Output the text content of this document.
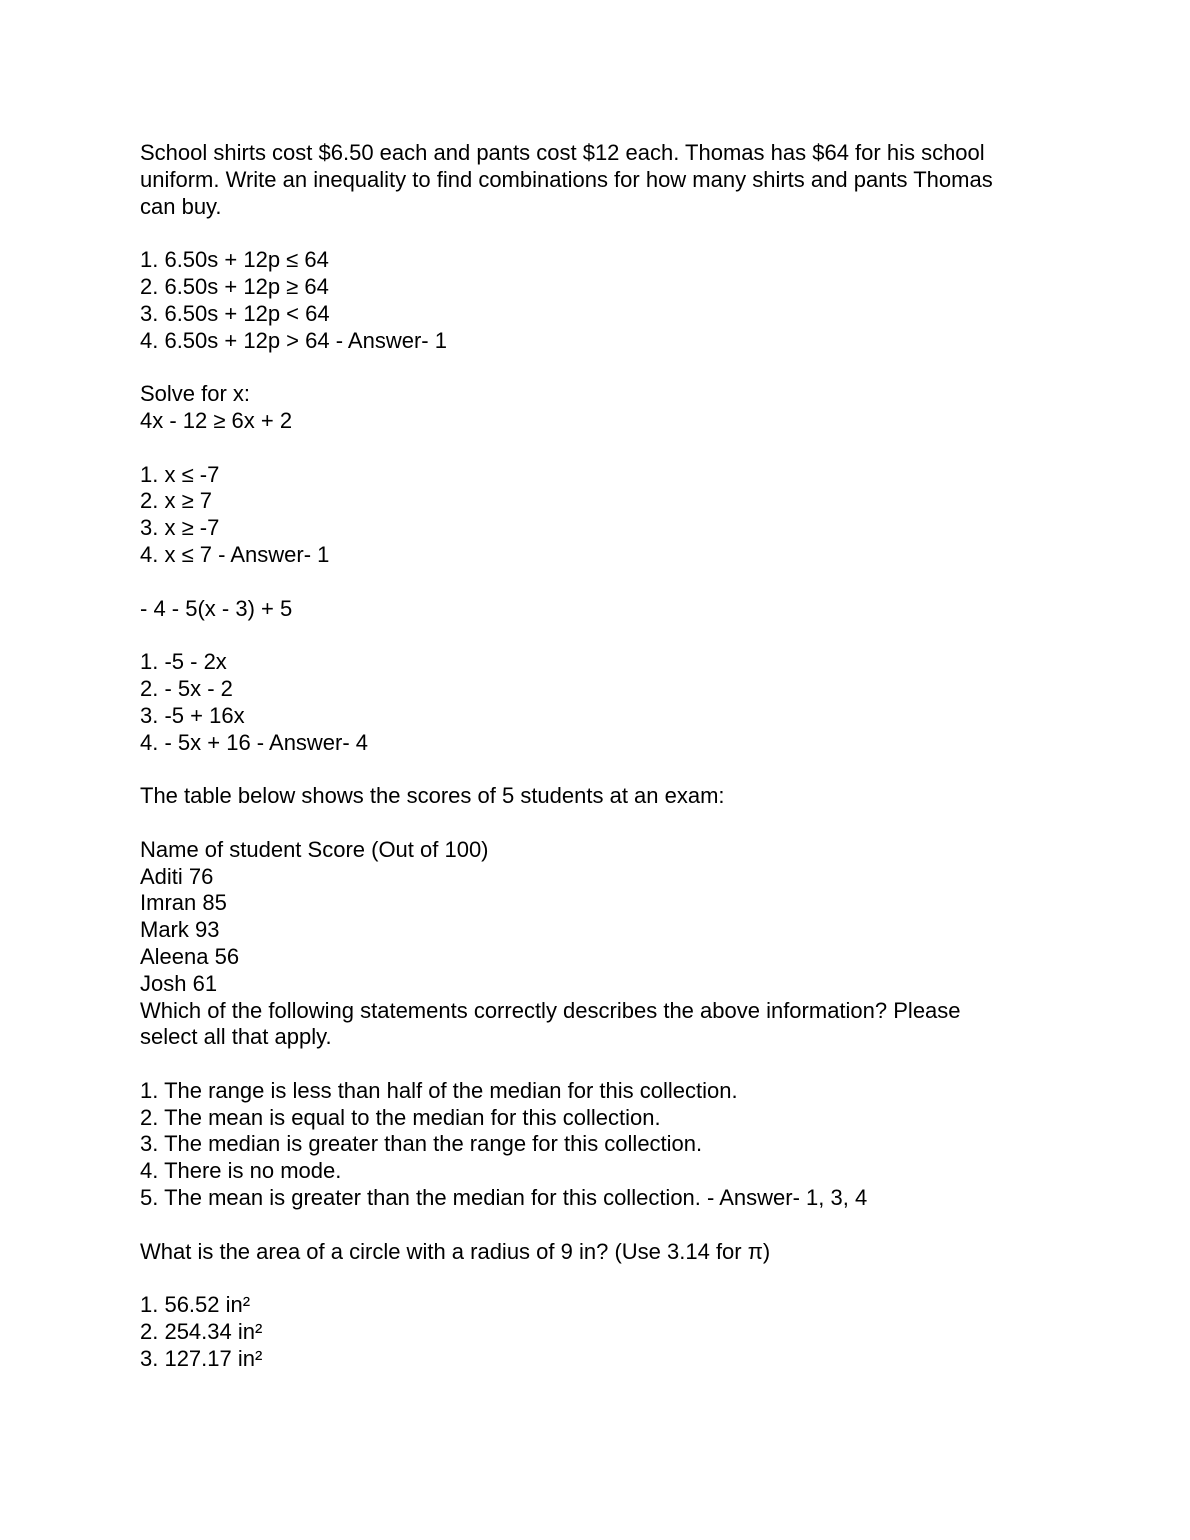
School shirts cost $6.50 each and pants cost $12 each. Thomas has $64 for his school
uniform. Write an inequality to find combinations for how many shirts and pants Thomas
can buy.
1. 6.50s + 12p ≤ 64
2. 6.50s + 12p ≥ 64
3. 6.50s + 12p < 64
4. 6.50s + 12p > 64 - Answer- 1
Solve for x:
4x - 12 ≥ 6x + 2
1. x ≤ -7
2. x ≥ 7
3. x ≥ -7
4. x ≤ 7 - Answer- 1
- 4 - 5(x - 3) + 5
1. -5 - 2x
2. - 5x - 2
3. -5 + 16x
4. - 5x + 16 - Answer- 4
The table below shows the scores of 5 students at an exam:
Name of student Score (Out of 100)
Aditi 76
Imran 85
Mark 93
Aleena 56
Josh 61
Which of the following statements correctly describes the above information? Please
select all that apply.
1. The range is less than half of the median for this collection.
2. The mean is equal to the median for this collection.
3. The median is greater than the range for this collection.
4. There is no mode.
5. The mean is greater than the median for this collection. - Answer- 1, 3, 4
What is the area of a circle with a radius of 9 in? (Use 3.14 for π)
1. 56.52 in²
2. 254.34 in²
3. 127.17 in²
